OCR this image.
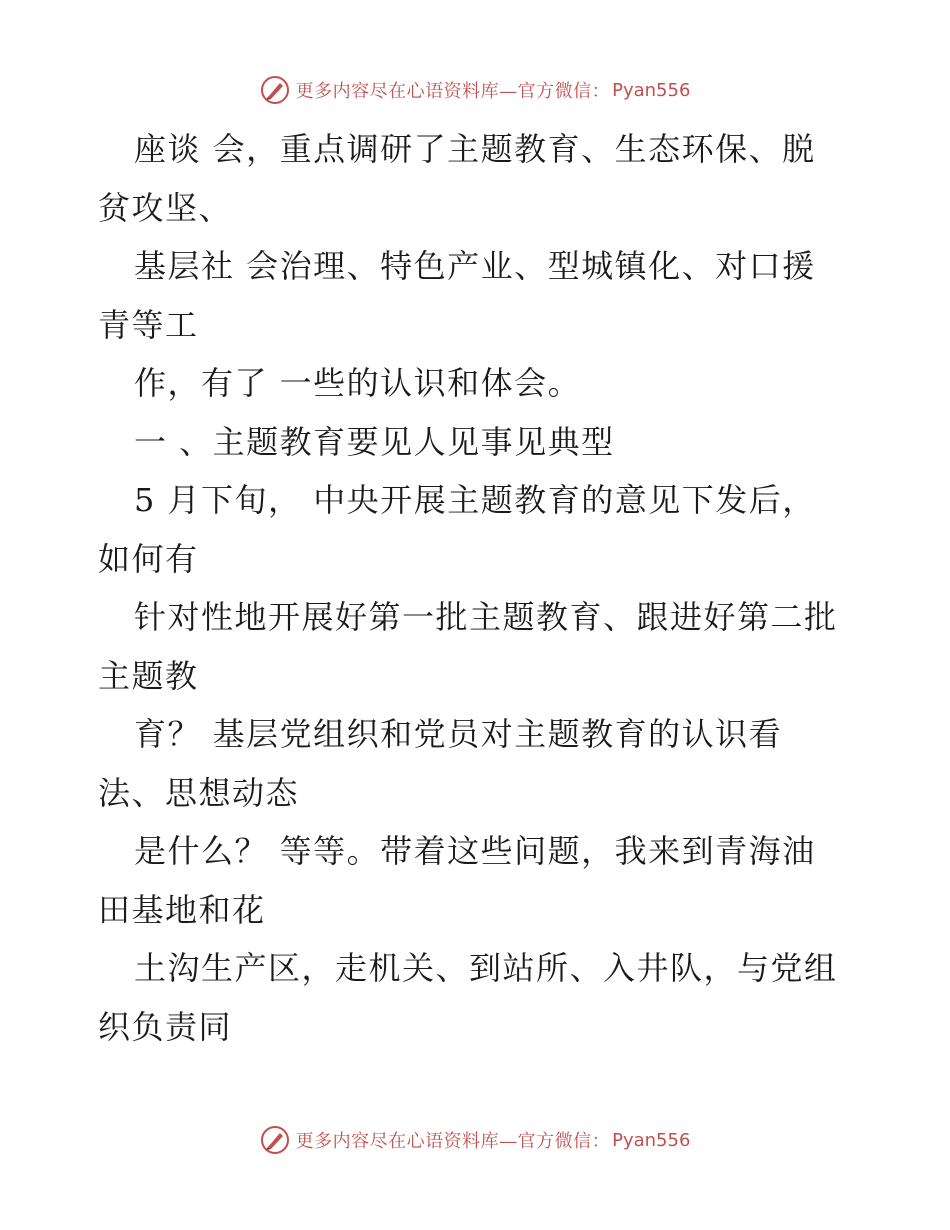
更多内容尽在心语资料库—官方微信： Pyan556
座谈 会，重点调研了主题教育、生态环保、脱
贫攻坚、
基层社 会治理、特色产业、型城镇化、对口援
青等工
作，有了 一些的认识和体会。
一 、主题教育要见人见事见典型
5 月下旬， 中央开展主题教育的意见下发后，
如何有
针对性地开展好第一批主题教育、跟进好第二批
主题教
育？ 基层党组织和党员对主题教育的认识看
法、思想动态
是什么？ 等等。带着这些问题，我来到青海油
田基地和花
土沟生产区，走机关、到站所、入井队，与党组
织负责同
更多内容尽在心语资料库—官方微信： Pyan556
